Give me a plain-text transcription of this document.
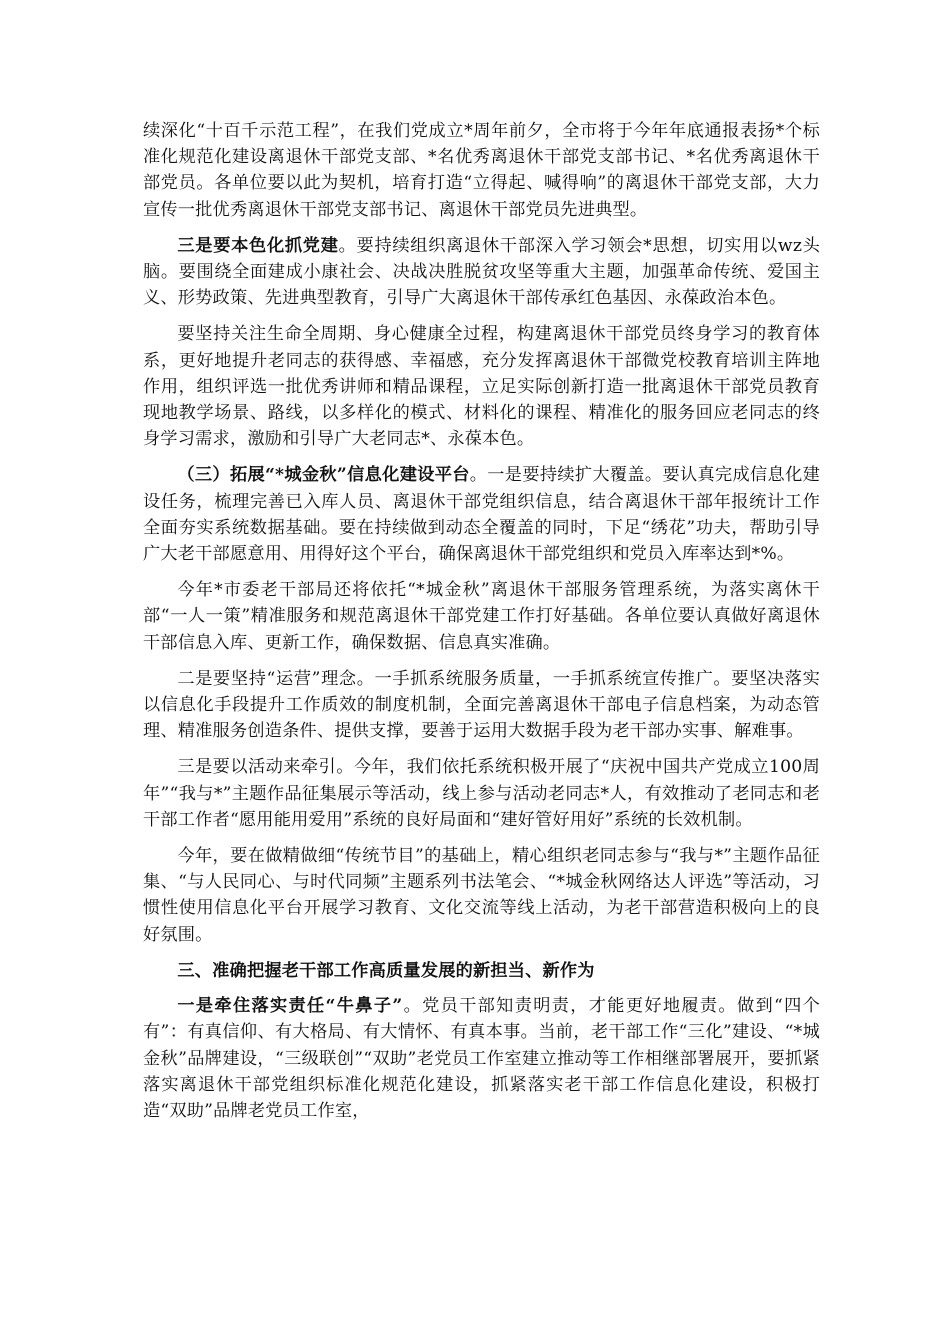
续深化“十百千示范工程”，在我们党成立*周年前夕，全市将于今年年底通报表扬*个标准化规范化建设离退休干部党支部、*名优秀离退休干部党支部书记、*名优秀离退休干部党员。各单位要以此为契机，培育打造“立得起、喊得响”的离退休干部党支部，大力宣传一批优秀离退休干部党支部书记、离退休干部党员先进典型。

三是要本色化抓党建。要持续组织离退休干部深入学习领会*思想，切实用以wz头脑。要围绕全面建成小康社会、决战决胜脱贫攻坚等重大主题，加强革命传统、爱国主义、形势政策、先进典型教育，引导广大离退休干部传承红色基因、永葆政治本色。

要坚持关注生命全周期、身心健康全过程，构建离退休干部党员终身学习的教育体系，更好地提升老同志的获得感、幸福感，充分发挥离退休干部微党校教育培训主阵地作用，组织评选一批优秀讲师和精品课程，立足实际创新打造一批离退休干部党员教育现地教学场景、路线，以多样化的模式、材料化的课程、精准化的服务回应老同志的终身学习需求，激励和引导广大老同志*、永葆本色。

（三）拓展“*城金秋”信息化建设平台。一是要持续扩大覆盖。要认真完成信息化建设任务，梳理完善已入库人员、离退休干部党组织信息，结合离退休干部年报统计工作全面夯实系统数据基础。要在持续做到动态全覆盖的同时，下足“绣花”功夫，帮助引导广大老干部愿意用、用得好这个平台，确保离退休干部党组织和党员入库率达到*%。

今年*市委老干部局还将依托“*城金秋”离退休干部服务管理系统，为落实离休干部“一人一策”精准服务和规范离退休干部党建工作打好基础。各单位要认真做好离退休干部信息入库、更新工作，确保数据、信息真实准确。

二是要坚持“运营”理念。一手抓系统服务质量，一手抓系统宣传推广。要坚决落实以信息化手段提升工作质效的制度机制，全面完善离退休干部电子信息档案，为动态管理、精准服务创造条件、提供支撑，要善于运用大数据手段为老干部办实事、解难事。

三是要以活动来牵引。今年，我们依托系统积极开展了“庆祝中国共产党成立100周年”“我与*”主题作品征集展示等活动，线上参与活动老同志*人，有效推动了老同志和老干部工作者“愿用能用爱用”系统的良好局面和“建好管好用好”系统的长效机制。

今年，要在做精做细“传统节目”的基础上，精心组织老同志参与“我与*”主题作品征集、“与人民同心、与时代同频”主题系列书法笔会、“*城金秋网络达人评选”等活动，习惯性使用信息化平台开展学习教育、文化交流等线上活动，为老干部营造积极向上的良好氛围。

三、准确把握老干部工作高质量发展的新担当、新作为

一是牵住落实责任“牛鼻子”。党员干部知责明责，才能更好地履责。做到“四个有”：有真信仰、有大格局、有大情怀、有真本事。当前，老干部工作“三化”建设、“*城金秋”品牌建设，“三级联创”“双助”老党员工作室建立推动等工作相继部署展开，要抓紧落实离退休干部党组织标准化规范化建设，抓紧落实老干部工作信息化建设，积极打造“双助”品牌老党员工作室，
